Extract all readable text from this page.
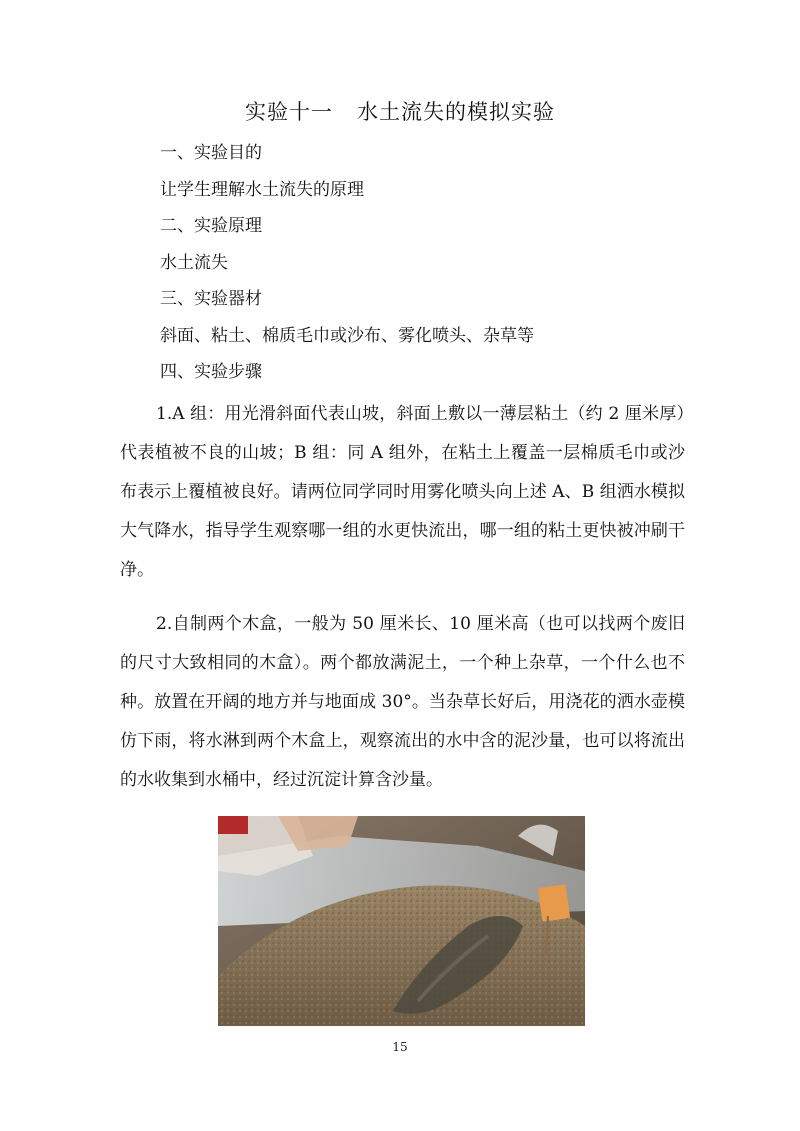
实验十一 水土流失的模拟实验
一、实验目的
让学生理解水土流失的原理
二、实验原理
水土流失
三、实验器材
斜面、粘土、棉质毛巾或沙布、雾化喷头、杂草等
四、实验步骤
1.A 组：用光滑斜面代表山坡，斜面上敷以一薄层粘土（约 2 厘米厚）代表植被不良的山坡；B 组：同 A 组外，在粘土上覆盖一层棉质毛巾或沙布表示上覆植被良好。请两位同学同时用雾化喷头向上述 A、B 组洒水模拟大气降水，指导学生观察哪一组的水更快流出，哪一组的粘土更快被冲刷干净。
2.自制两个木盒，一般为 50 厘米长、10 厘米高（也可以找两个废旧的尺寸大致相同的木盒）。两个都放满泥土，一个种上杂草，一个什么也不种。放置在开阔的地方并与地面成 30°。当杂草长好后，用浇花的洒水壶模仿下雨，将水淋到两个木盒上，观察流出的水中含的泥沙量，也可以将流出的水收集到水桶中，经过沉淀计算含沙量。
15
